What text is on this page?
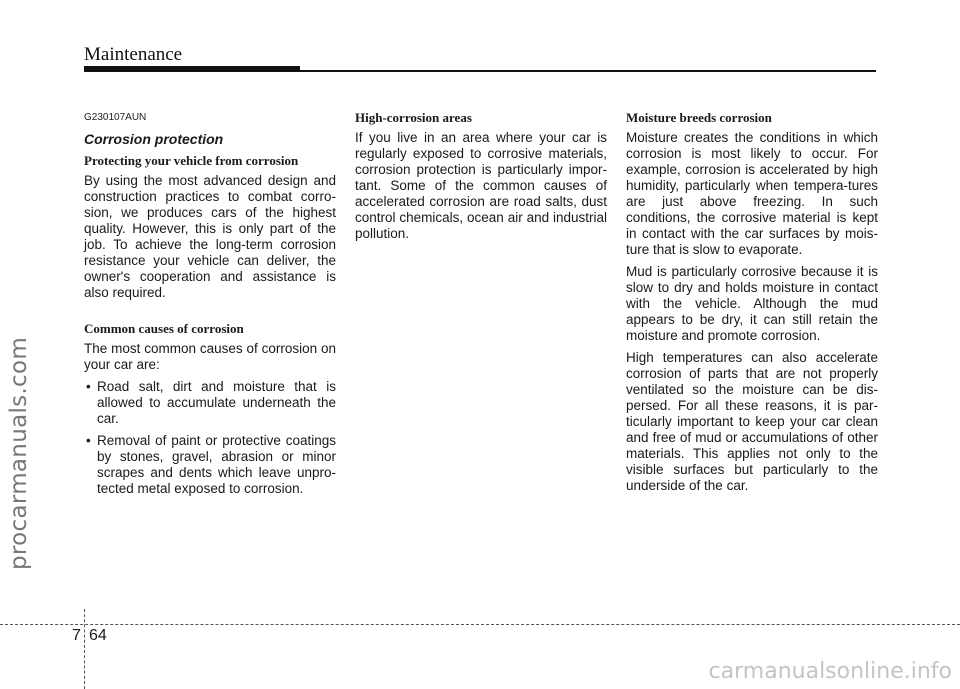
Maintenance
procarmanuals.com

G230107AUN

Corrosion protection

Protecting your vehicle from corrosion

By using the most advanced design and construction practices to combat corro-sion, we produces cars of the highest quality. However, this is only part of the job. To achieve the long-term corrosion resistance your vehicle can deliver, the owner's cooperation and assistance is also required.

Common causes of corrosion

The most common causes of corrosion on your car are:

• Road salt, dirt and moisture that is allowed to accumulate underneath the car.
• Removal of paint or protective coatings by stones, gravel, abrasion or minor scrapes and dents which leave unpro-tected metal exposed to corrosion.

High-corrosion areas

If you live in an area where your car is regularly exposed to corrosive materials, corrosion protection is particularly impor-tant. Some of the common causes of accelerated corrosion are road salts, dust control chemicals, ocean air and industrial pollution.

Moisture breeds corrosion

Moisture creates the conditions in which corrosion is most likely to occur. For example, corrosion is accelerated by high humidity, particularly when tempera-tures are just above freezing. In such conditions, the corrosive material is kept in contact with the car surfaces by mois-ture that is slow to evaporate.

Mud is particularly corrosive because it is slow to dry and holds moisture in contact with the vehicle. Although the mud appears to be dry, it can still retain the moisture and promote corrosion.

High temperatures can also accelerate corrosion of parts that are not properly ventilated so the moisture can be dis-persed. For all these reasons, it is par-ticularly important to keep your car clean and free of mud or accumulations of other materials. This applies not only to the visible surfaces but particularly to the underside of the car.

7 64
carmanualsonline.info
